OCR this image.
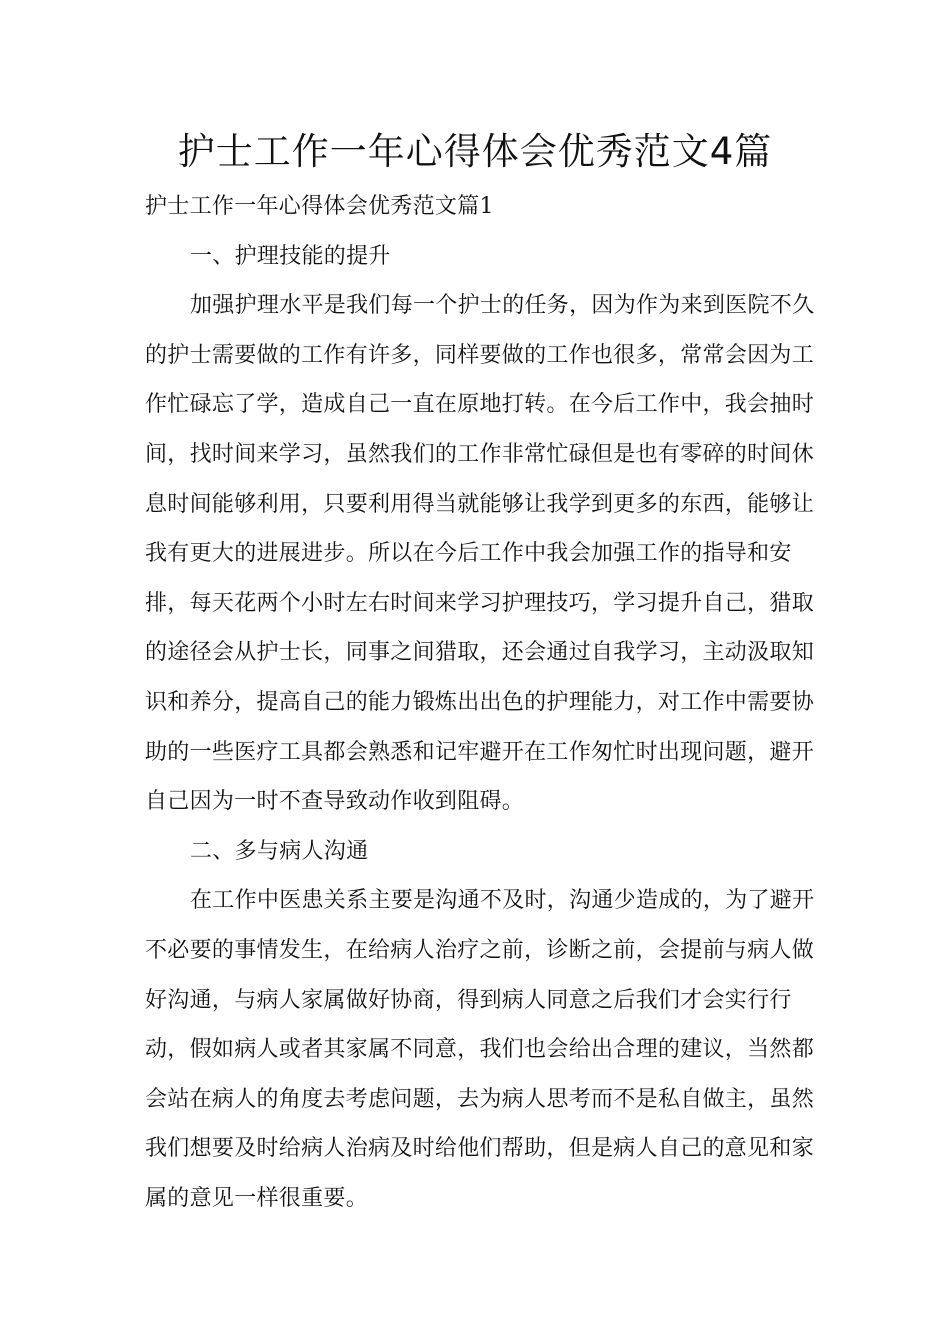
护士工作一年心得体会优秀范文4篇

护士工作一年心得体会优秀范文篇1

一、护理技能的提升

加强护理水平是我们每一个护士的任务，因为作为来到医院不久的护士需要做的工作有许多，同样要做的工作也很多，常常会因为工作忙碌忘了学，造成自己一直在原地打转。在今后工作中，我会抽时间，找时间来学习，虽然我们的工作非常忙碌但是也有零碎的时间休息时间能够利用，只要利用得当就能够让我学到更多的东西，能够让我有更大的进展进步。所以在今后工作中我会加强工作的指导和安排，每天花两个小时左右时间来学习护理技巧，学习提升自己，猎取的途径会从护士长，同事之间猎取，还会通过自我学习，主动汲取知识和养分，提高自己的能力锻炼出出色的护理能力，对工作中需要协助的一些医疗工具都会熟悉和记牢避开在工作匆忙时出现问题，避开自己因为一时不查导致动作收到阻碍。

二、多与病人沟通

在工作中医患关系主要是沟通不及时，沟通少造成的，为了避开不必要的事情发生，在给病人治疗之前，诊断之前，会提前与病人做好沟通，与病人家属做好协商，得到病人同意之后我们才会实行行动，假如病人或者其家属不同意，我们也会给出合理的建议，当然都会站在病人的角度去考虑问题，去为病人思考而不是私自做主，虽然我们想要及时给病人治病及时给他们帮助，但是病人自己的意见和家属的意见一样很重要。
